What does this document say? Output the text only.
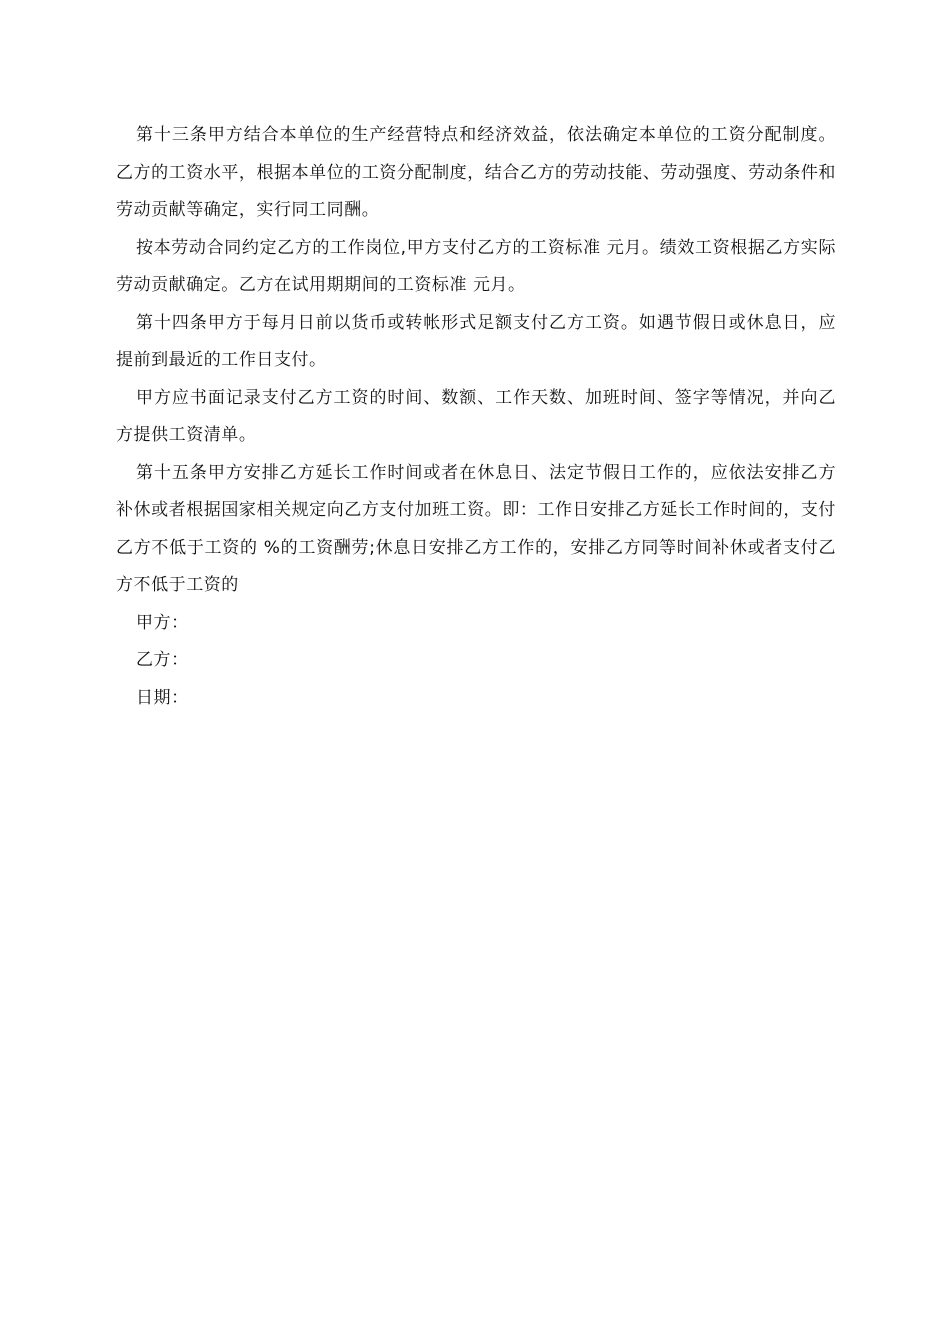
第十三条甲方结合本单位的生产经营特点和经济效益，依法确定本单位的工资分配制度。乙方的工资水平，根据本单位的工资分配制度，结合乙方的劳动技能、劳动强度、劳动条件和劳动贡献等确定，实行同工同酬。

按本劳动合同约定乙方的工作岗位,甲方支付乙方的工资标准 元月。绩效工资根据乙方实际劳动贡献确定。乙方在试用期期间的工资标准 元月。

第十四条甲方于每月日前以货币或转帐形式足额支付乙方工资。如遇节假日或休息日，应提前到最近的工作日支付。

甲方应书面记录支付乙方工资的时间、数额、工作天数、加班时间、签字等情况，并向乙方提供工资清单。

第十五条甲方安排乙方延长工作时间或者在休息日、法定节假日工作的，应依法安排乙方补休或者根据国家相关规定向乙方支付加班工资。即：工作日安排乙方延长工作时间的，支付乙方不低于工资的 %的工资酬劳;休息日安排乙方工作的，安排乙方同等时间补休或者支付乙方不低于工资的

甲方：

乙方：

日期：
